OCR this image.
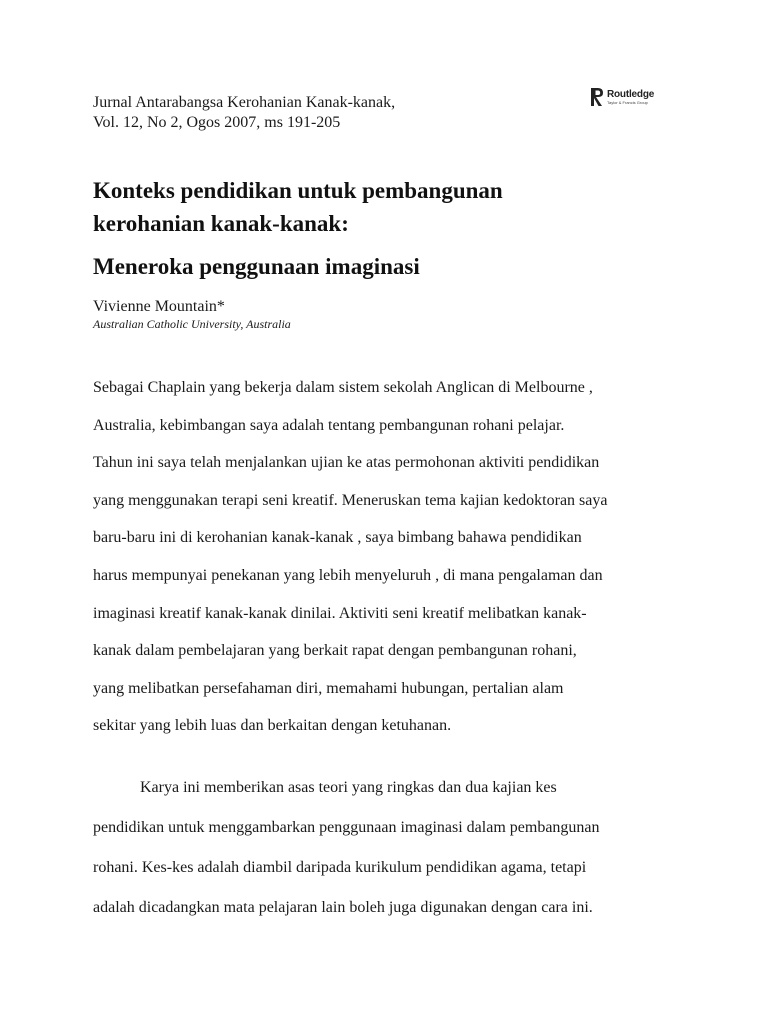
Jurnal Antarabangsa Kerohanian Kanak-kanak,
Vol. 12, No 2, Ogos 2007, ms 191-205
Routledge
Taylor & Francis Group
Konteks pendidikan untuk pembangunan
kerohanian kanak-kanak:
Meneroka penggunaan imaginasi
Vivienne Mountain*
Australian Catholic University, Australia
Sebagai Chaplain yang bekerja dalam sistem sekolah Anglican di Melbourne ,
Australia, kebimbangan saya adalah tentang pembangunan rohani pelajar.
Tahun ini saya telah menjalankan ujian ke atas permohonan aktiviti pendidikan
yang menggunakan terapi seni kreatif. Meneruskan tema kajian kedoktoran saya
baru-baru ini di kerohanian kanak-kanak , saya bimbang bahawa pendidikan
harus mempunyai penekanan yang lebih menyeluruh , di mana pengalaman dan
imaginasi kreatif kanak-kanak dinilai. Aktiviti seni kreatif melibatkan kanak-
kanak dalam pembelajaran yang berkait rapat dengan pembangunan rohani,
yang melibatkan persefahaman diri, memahami hubungan, pertalian alam
sekitar yang lebih luas dan berkaitan dengan ketuhanan.
Karya ini memberikan asas teori yang ringkas dan dua kajian kes
pendidikan untuk menggambarkan penggunaan imaginasi dalam pembangunan
rohani. Kes-kes adalah diambil daripada kurikulum pendidikan agama, tetapi
adalah dicadangkan mata pelajaran lain boleh juga digunakan dengan cara ini.
